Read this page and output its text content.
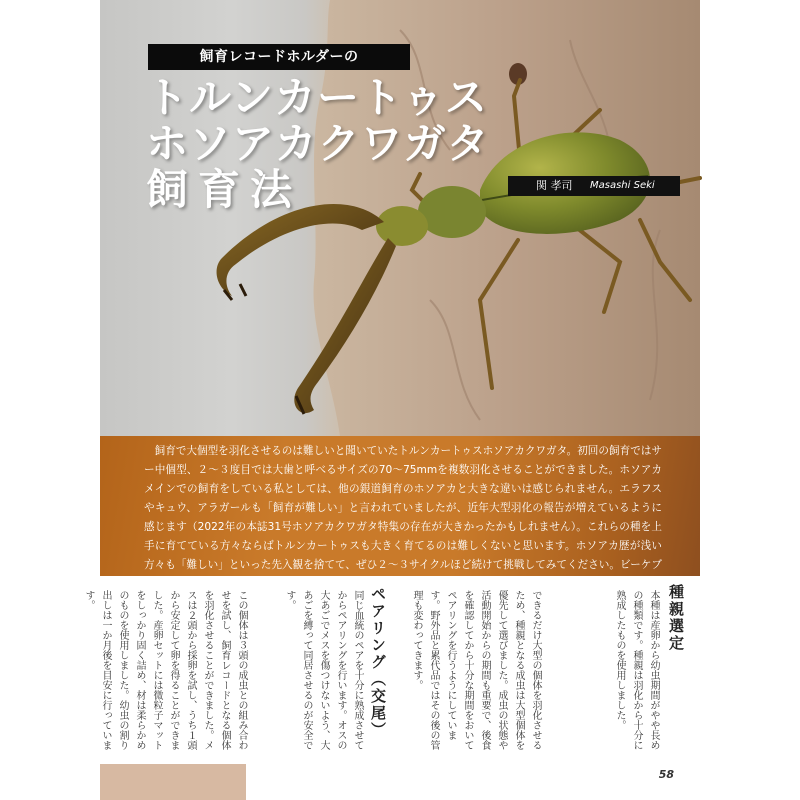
飼育レコードホルダーの
トルンカートゥス
ホソアカクワガタ
飼育法	関 孝司 Masashi Seki

飼育で大個型を羽化させるのは難しいと聞いていたトルンカートゥスホソアカクワガタ。初回の飼育ではサー中個型、２～３度目では大歯と呼べるサイズの70～75mmを複数羽化させることができました。ホソアカメインでの飼育をしている私としては、他の銀道飼育のホソアカと大きな違いは感じられません。エラフスやキュウ、アラガールも「飼育が難しい」と言われていましたが、近年大型羽化の報告が増えているように感じます（2022年の本誌31号ホソアカクワガタ特集の存在が大きかったかもしれません）。これらの種を上手に育てている方々ならばトルンカートゥスも大きく育てるのは難しくないと思います。ホソアカ歴が浅い方々も「難しい」といった先入観を捨てて、ぜひ２～３サイクルほど続けて挑戦してみてください。ビーケブリ・等を合わせて、今回の記事が少しでも参考になれば幸いです。

この個体は３頭の成虫との組み合わせを試し、飼育レコードとなる個体を羽化させることができました。メスは２頭から採卵を試し、うち１頭から安定して卵を得ることができました。産卵セットには微粒子マットをしっかり固く詰め、材は柔らかめのものを使用しました。幼虫の割り出しは一か月後を目安に行っています。	同じ血統のペアを十分に熟成させてからペアリングを行います。オスの大あごでメスを傷つけないよう、大あごを縛って同居させるのが安全です。	ペアリング（交尾）	できるだけ大型の個体を羽化させるため、種親となる成虫は大型個体を優先して選びました。成虫の状態や活動開始からの期間も重要で、後食を確認してから十分な期間をおいてペアリングを行うようにしています。野外品と累代品ではその後の管理も変わってきます。	本種は産卵から幼虫期間がやや長めの種類です。種親は羽化から十分に熟成したものを使用しました。	種親選定
58
